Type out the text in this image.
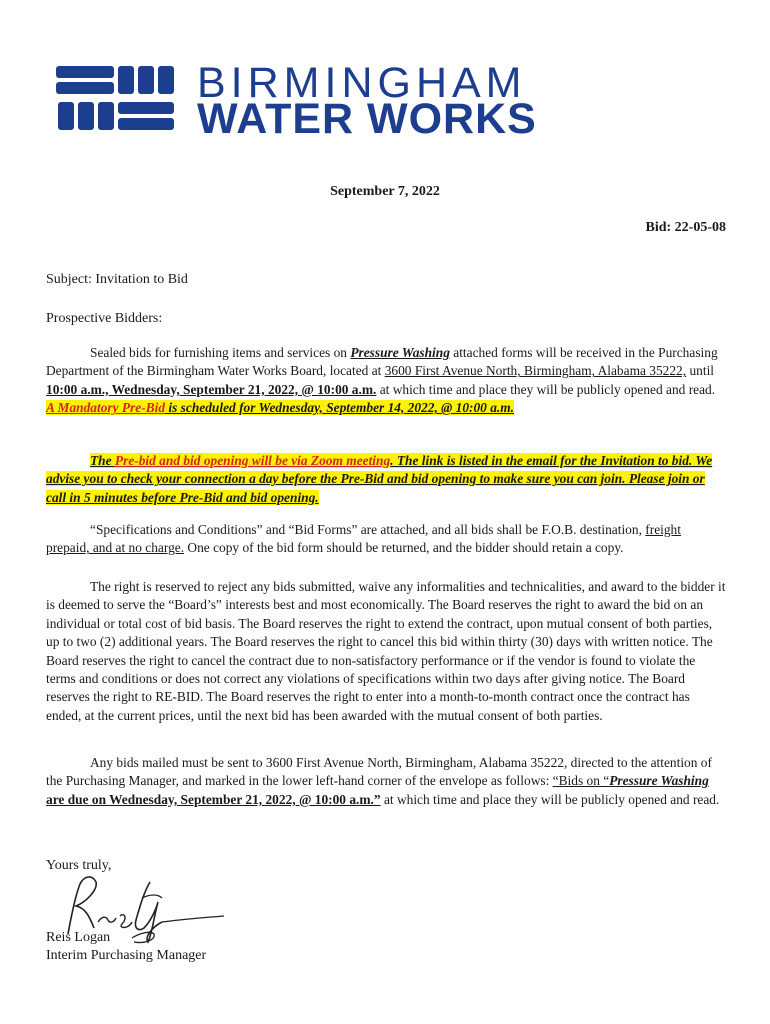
BIRMINGHAM
WATER WORKS
September 7, 2022
Bid: 22-05-08
Subject: Invitation to Bid
Prospective Bidders:
Sealed bids for furnishing items and services on Pressure Washing attached forms will be received in the Purchasing Department of the Birmingham Water Works Board, located at 3600 First Avenue North, Birmingham, Alabama 35222, until 10:00 a.m., Wednesday, September 21, 2022, @ 10:00 a.m. at which time and place they will be publicly opened and read. A Mandatory Pre-Bid is scheduled for Wednesday, September 14, 2022, @ 10:00 a.m.
The Pre-bid and bid opening will be via Zoom meeting. The link is listed in the email for the Invitation to bid. We advise you to check your connection a day before the Pre-Bid and bid opening to make sure you can join. Please join or call in 5 minutes before Pre-Bid and bid opening.
“Specifications and Conditions” and “Bid Forms” are attached, and all bids shall be F.O.B. destination, freight prepaid, and at no charge. One copy of the bid form should be returned, and the bidder should retain a copy.
The right is reserved to reject any bids submitted, waive any informalities and technicalities, and award to the bidder it is deemed to serve the “Board’s” interests best and most economically. The Board reserves the right to award the bid on an individual or total cost of bid basis. The Board reserves the right to extend the contract, upon mutual consent of both parties, up to two (2) additional years. The Board reserves the right to cancel this bid within thirty (30) days with written notice. The Board reserves the right to cancel the contract due to non-satisfactory performance or if the vendor is found to violate the terms and conditions or does not correct any violations of specifications within two days after giving notice. The Board reserves the right to RE-BID. The Board reserves the right to enter into a month-to-month contract once the contract has ended, at the current prices, until the next bid has been awarded with the mutual consent of both parties.
Any bids mailed must be sent to 3600 First Avenue North, Birmingham, Alabama 35222, directed to the attention of the Purchasing Manager, and marked in the lower left-hand corner of the envelope as follows: “Bids on “Pressure Washing are due on Wednesday, September 21, 2022, @ 10:00 a.m.” at which time and place they will be publicly opened and read.
Yours truly,
Reis Logan
Interim Purchasing Manager
